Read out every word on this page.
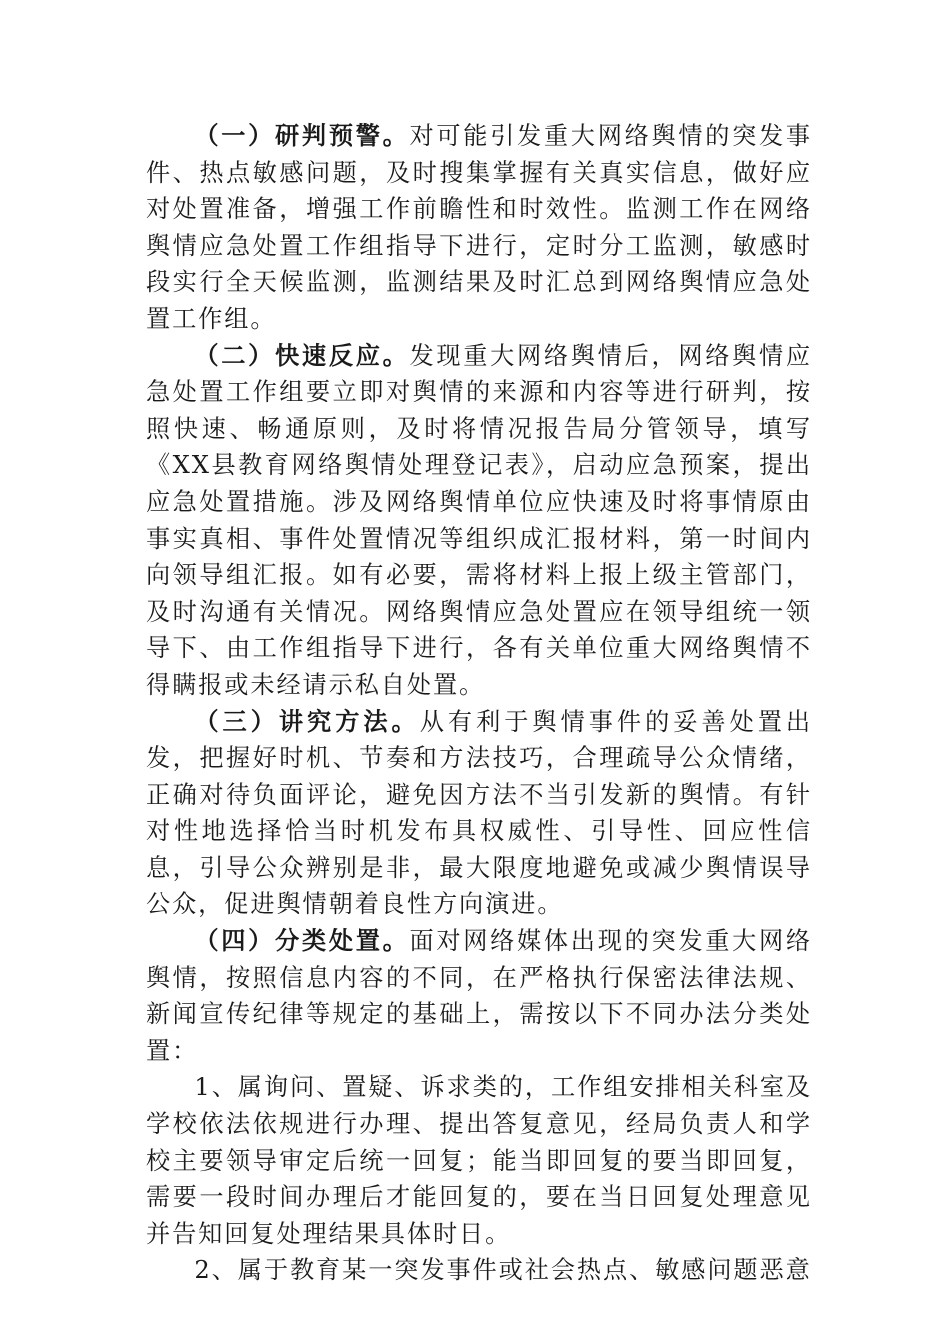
（一）研判预警。对可能引发重大网络舆情的突发事件、热点敏感问题，及时搜集掌握有关真实信息，做好应对处置准备，增强工作前瞻性和时效性。监测工作在网络舆情应急处置工作组指导下进行，定时分工监测，敏感时段实行全天候监测，监测结果及时汇总到网络舆情应急处置工作组。

（二）快速反应。发现重大网络舆情后，网络舆情应急处置工作组要立即对舆情的来源和内容等进行研判，按照快速、畅通原则，及时将情况报告局分管领导，填写《XX县教育网络舆情处理登记表》，启动应急预案，提出应急处置措施。涉及网络舆情单位应快速及时将事情原由事实真相、事件处置情况等组织成汇报材料，第一时间内向领导组汇报。如有必要，需将材料上报上级主管部门，及时沟通有关情况。网络舆情应急处置应在领导组统一领导下、由工作组指导下进行，各有关单位重大网络舆情不得瞒报或未经请示私自处置。

（三）讲究方法。从有利于舆情事件的妥善处置出发，把握好时机、节奏和方法技巧，合理疏导公众情绪，正确对待负面评论，避免因方法不当引发新的舆情。有针对性地选择恰当时机发布具权威性、引导性、回应性信息，引导公众辨别是非，最大限度地避免或减少舆情误导公众，促进舆情朝着良性方向演进。

（四）分类处置。面对网络媒体出现的突发重大网络舆情，按照信息内容的不同，在严格执行保密法律法规、新闻宣传纪律等规定的基础上，需按以下不同办法分类处置：

1、属询问、置疑、诉求类的，工作组安排相关科室及学校依法依规进行办理、提出答复意见，经局负责人和学校主要领导审定后统一回复；能当即回复的要当即回复，需要一段时间办理后才能回复的，要在当日回复处理意见并告知回复处理结果具体时日。

2、属于教育某一突发事件或社会热点、敏感问题恶意
